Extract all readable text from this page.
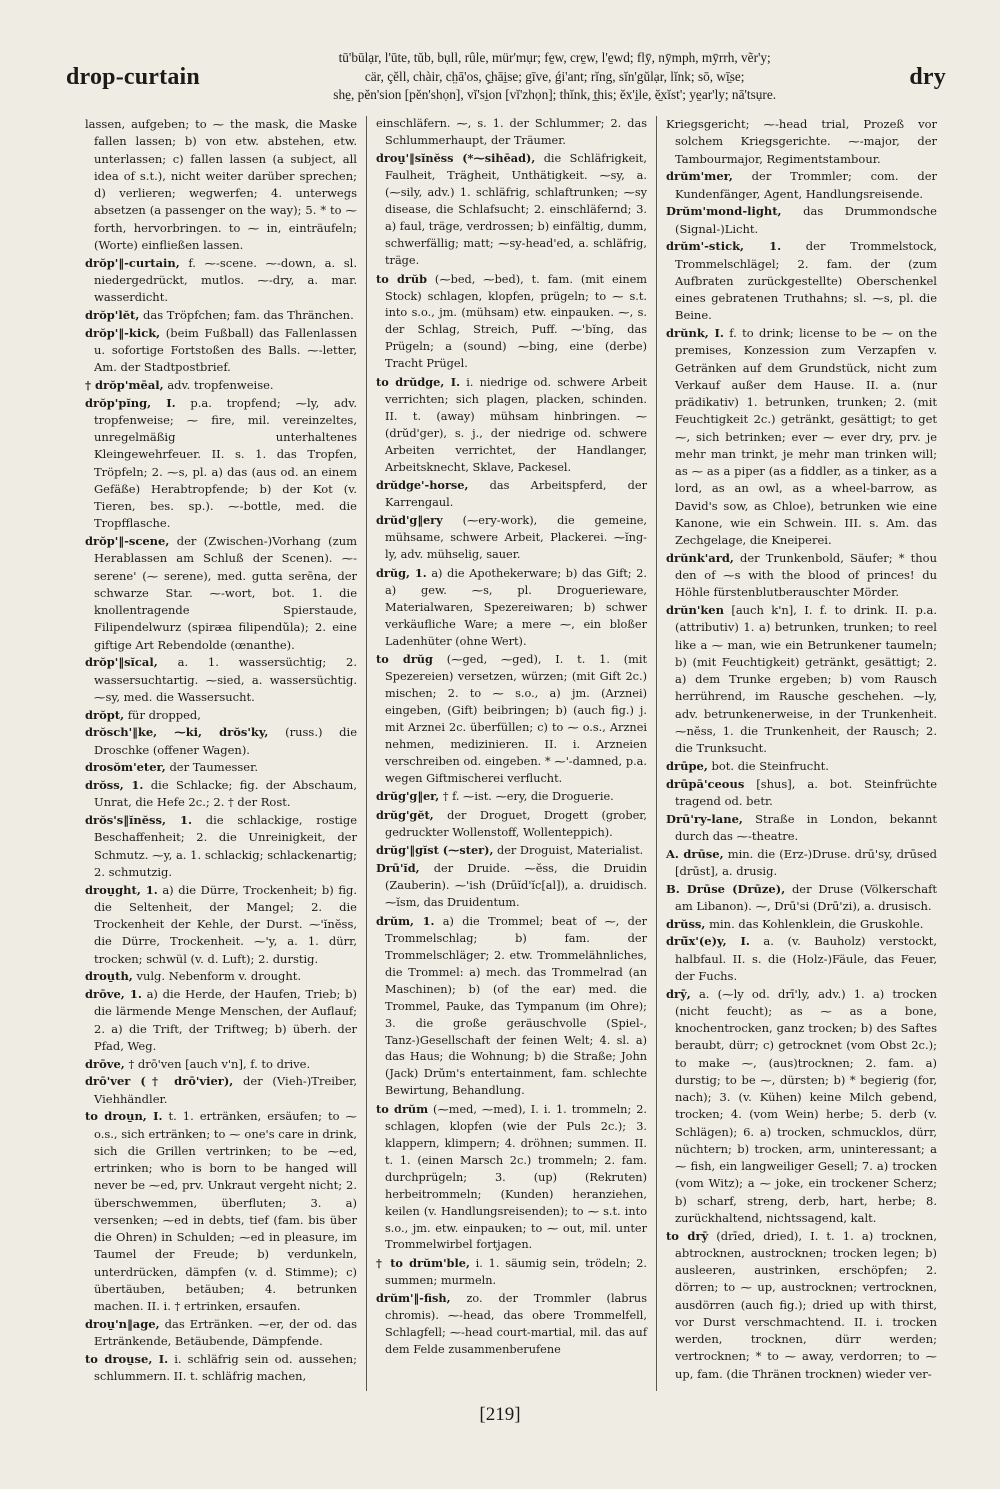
drop-curtain
tū'būlạr, l'ūte, tŭb, bụll, rûle, mür'mụr; fe̱w, cre̱w, l'e̱wd; flȳ, nȳmph, mȳrrh, vẽr'y;
cär, çĕll, chàir, ch̤ā'os, ç̱hāi̱se; gīve, ǵi'ant; rĭng, sĭn'gŭlạr, lĭnk; sō, wī̱se;
she̱, pĕn'sion [pĕn'shọn], vĭ'si̱on [vĭ'zhọn]; thĭnk, t̲his; ĕx'i̱le, ĕ̱xĭst'; ye̱ar'ly; nā'tsụre.
dry

lassen, aufgeben; to ⁓ the mask, die Maske fallen lassen; b) von etw. abstehen, etw. unterlassen; c) fallen lassen (a subject, all idea of s.t.), nicht weiter darüber sprechen; d) verlieren; wegwerfen; 4. unterwegs absetzen (a passenger on the way); 5. * to ⁓ forth, hervorbringen. to ⁓ in, einträufeln; (Worte) einfließen lassen.

drŏp'‖-curtain, f. ⁓-scene. ⁓-down, a. sl. niedergedrückt, mutlos. ⁓-dry, a. mar. wasserdicht.

drŏp'lĕt, das Tröpfchen; fam. das Thränchen.

drŏp'‖-kick, (beim Fußball) das Fallenlassen u. sofortige Fortstoßen des Balls. ⁓-letter, Am. der Stadtpostbrief.

† drŏp'mēal, adv. tropfenweise.

drŏp'pĭng, I. p.a. tropfend; ⁓ly, adv. tropfenweise; ⁓ fire, mil. vereinzeltes, unregelmäßig unterhaltenes Kleingewehrfeuer. II. s. 1. das Tropfen, Tröpfeln; 2. ⁓s, pl. a) das (aus od. an einem Gefäße) Herabtropfende; b) der Kot (v. Tieren, bes. sp.). ⁓-bottle, med. die Tropfflasche.

drŏp'‖-scene, der (Zwischen-)Vorhang (zum Herablassen am Schluß der Scenen). ⁓-serene' (⁓ serene), med. gutta serēna, der schwarze Star. ⁓-wort, bot. 1. die knollentragende Spierstaude, Filipendelwurz (spiræa filipendŭla); 2. eine giftige Art Rebendolde (œnanthe).

drŏp'‖sĭcal, a. 1. wassersüchtig; 2. wassersuchtartig. ⁓sied, a. wassersüchtig. ⁓sy, med. die Wassersucht.

drŏpt, für dropped,

drŏsch'‖ke, ⁓ki, drŏs'ky, (russ.) die Droschke (offener Wagen).

drosŏm'eter, der Taumesser.

drŏss, 1. die Schlacke; fig. der Abschaum, Unrat, die Hefe 2c.; 2. † der Rost.

drŏs's‖ĭnĕss, 1. die schlackige, rostige Beschaffenheit; 2. die Unreinigkeit, der Schmutz. ⁓y, a. 1. schlackig; schlackenartig; 2. schmutzig.

drou̱ght, 1. a) die Dürre, Trockenheit; b) fig. die Seltenheit, der Mangel; 2. die Trockenheit der Kehle, der Durst. ⁓'ĭnĕss, die Dürre, Trockenheit. ⁓'y, a. 1. dürr, trocken; schwül (v. d. Luft); 2. durstig.

drou̱th, vulg. Nebenform v. drought.

drōve, 1. a) die Herde, der Haufen, Trieb; b) die lärmende Menge Menschen, der Auflauf; 2. a) die Trift, der Triftweg; b) überh. der Pfad, Weg.

drōve, † drō'ven [auch v'n], f. to drive.

drō'ver († drō'vier), der (Vieh-)Treiber, Viehhändler.

to drou̱n, I. t. 1. ertränken, ersäufen; to ⁓ o.s., sich ertränken; to ⁓ one's care in drink, sich die Grillen vertrinken; to be ⁓ed, ertrinken; who is born to be hanged will never be ⁓ed, prv. Unkraut vergeht nicht; 2. überschwemmen, überfluten; 3. a) versenken; ⁓ed in debts, tief (fam. bis über die Ohren) in Schulden; ⁓ed in pleasure, im Taumel der Freude; b) verdunkeln, unterdrücken, dämpfen (v. d. Stimme); c) übertäuben, betäuben; 4. betrunken machen. II. i. † ertrinken, ersaufen.

drou̱'n‖age, das Ertränken. ⁓er, der od. das Ertränkende, Betäubende, Dämpfende.

to drou̱se, I. i. schläfrig sein od. aussehen; schlummern. II. t. schläfrig machen,

einschläfern. ⁓, s. 1. der Schlummer; 2. das Schlummerhaupt, der Träumer.

drou̱'‖sĭnĕss (*⁓sihēad), die Schläfrigkeit, Faulheit, Trägheit, Unthätigkeit. ⁓sy, a. (⁓sily, adv.) 1. schläfrig, schlaftrunken; ⁓sy disease, die Schlafsucht; 2. einschläfernd; 3. a) faul, träge, verdrossen; b) einfältig, dumm, schwerfällig; matt; ⁓sy-head'ed, a. schläfrig, träge.

to drŭb (⁓bed, ⁓bed), t. fam. (mit einem Stock) schlagen, klopfen, prügeln; to ⁓ s.t. into s.o., jm. (mühsam) etw. einpauken. ⁓, s. der Schlag, Streich, Puff. ⁓'bĭng, das Prügeln; a (sound) ⁓bing, eine (derbe) Tracht Prügel.

to drŭdge, I. i. niedrige od. schwere Arbeit verrichten; sich plagen, placken, schinden. II. t. (away) mühsam hinbringen. ⁓ (drŭd'ger), s. j., der niedrige od. schwere Arbeiten verrichtet, der Handlanger, Arbeitsknecht, Sklave, Packesel.

drŭdge'-horse, das Arbeitspferd, der Karrengaul.

drŭd'g‖ery (⁓ery-work), die gemeine, mühsame, schwere Arbeit, Plackerei. ⁓ĭng-ly, adv. mühselig, sauer.

drŭg, 1. a) die Apothekerware; b) das Gift; 2. a) gew. ⁓s, pl. Droguerieware, Materialwaren, Spezereiwaren; b) schwer verkäufliche Ware; a mere ⁓, ein bloßer Ladenhüter (ohne Wert).

to drŭg (⁓ged, ⁓ged), I. t. 1. (mit Spezereien) versetzen, würzen; (mit Gift 2c.) mischen; 2. to ⁓ s.o., a) jm. (Arznei) eingeben, (Gift) beibringen; b) (auch fig.) j. mit Arznei 2c. überfüllen; c) to ⁓ o.s., Arznei nehmen, medizinieren. II. i. Arzneien verschreiben od. eingeben. * ⁓'-damned, p.a. wegen Giftmischerei verflucht.

drŭg'g‖er, † f. ⁓ist. ⁓ery, die Droguerie.

drŭg'gĕt, der Droguet, Drogett (grober, gedruckter Wollenstoff, Wollenteppich).

drŭg'‖gĭst (⁓ster), der Droguist, Materialist.

Drū'ĭd, der Druide. ⁓ĕss, die Druidin (Zauberin). ⁓'ish (Drūĭd'ĭc[al]), a. druidisch. ⁓ĭsm, das Druidentum.

drŭm, 1. a) die Trommel; beat of ⁓, der Trommelschlag; b) fam. der Trommelschläger; 2. etw. Trommelähnliches, die Trommel: a) mech. das Trommelrad (an Maschinen); b) (of the ear) med. die Trommel, Pauke, das Tympanum (im Ohre); 3. die große geräuschvolle (Spiel-, Tanz-)Gesellschaft der feinen Welt; 4. sl. a) das Haus; die Wohnung; b) die Straße; John (Jack) Drŭm's entertainment, fam. schlechte Bewirtung, Behandlung.

to drŭm (⁓med, ⁓med), I. i. 1. trommeln; 2. schlagen, klopfen (wie der Puls 2c.); 3. klappern, klimpern; 4. dröhnen; summen. II. t. 1. (einen Marsch 2c.) trommeln; 2. fam. durchprügeln; 3. (up) (Rekruten) herbeitrommeln; (Kunden) heranziehen, keilen (v. Handlungsreisenden); to ⁓ s.t. into s.o., jm. etw. einpauken; to ⁓ out, mil. unter Trommelwirbel fortjagen.

† to drŭm'ble, i. 1. säumig sein, trödeln; 2. summen; murmeln.

drŭm'‖-fish, zo. der Trommler (labrus chromis). ⁓-head, das obere Trommelfell, Schlagfell; ⁓-head court-martial, mil. das auf dem Felde zusammenberufene

Kriegsgericht; ⁓-head trial, Prozeß vor solchem Kriegsgerichte. ⁓-major, der Tambourmajor, Regimentstambour.

drŭm'mer, der Trommler; com. der Kundenfänger, Agent, Handlungsreisende.

Drŭm'mond-light, das Drummondsche (Signal-)Licht.

drŭm'-stick, 1. der Trommelstock, Trommelschlägel; 2. fam. der (zum Aufbraten zurückgestellte) Oberschenkel eines gebratenen Truthahns; sl. ⁓s, pl. die Beine.

drŭnk, I. f. to drink; license to be ⁓ on the premises, Konzession zum Verzapfen v. Getränken auf dem Grundstück, nicht zum Verkauf außer dem Hause. II. a. (nur prädikativ) 1. betrunken, trunken; 2. (mit Feuchtigkeit 2c.) getränkt, gesättigt; to get ⁓, sich betrinken; ever ⁓ ever dry, prv. je mehr man trinkt, je mehr man trinken will; as ⁓ as a piper (as a fiddler, as a tinker, as a lord, as an owl, as a wheel-barrow, as David's sow, as Chloe), betrunken wie eine Kanone, wie ein Schwein. III. s. Am. das Zechgelage, die Kneiperei.

drŭnk'ard, der Trunkenbold, Säufer; * thou den of ⁓s with the blood of princes! du Höhle fürstenblutberauschter Mörder.

drŭn'ken [auch k'n], I. f. to drink. II. p.a. (attributiv) 1. a) betrunken, trunken; to reel like a ⁓ man, wie ein Betrunkener taumeln; b) (mit Feuchtigkeit) getränkt, gesättigt; 2. a) dem Trunke ergeben; b) vom Rausch herrührend, im Rausche geschehen. ⁓ly, adv. betrunkenerweise, in der Trunkenheit. ⁓nĕss, 1. die Trunkenheit, der Rausch; 2. die Trunksucht.

drūpe, bot. die Steinfrucht.

drūpā'ceous [shus], a. bot. Steinfrüchte tragend od. betr.

Drū'ry-lane, Straße in London, bekannt durch das ⁓-theatre.

A. drūse, min. die (Erz-)Druse. drū'sy, drūsed [drūst], a. drusig.

B. Drūse (Drūze), der Druse (Völkerschaft am Libanon). ⁓, Drū'si (Drū'zi), a. drusisch.

drŭss, min. das Kohlenklein, die Gruskohle.

drū̆x'(e)y, I. a. (v. Bauholz) verstockt, halbfaul. II. s. die (Holz-)Fäule, das Feuer, der Fuchs.

drȳ, a. (⁓ly od. drī'ly, adv.) 1. a) trocken (nicht feucht); as ⁓ as a bone, knochentrocken, ganz trocken; b) des Saftes beraubt, dürr; c) getrocknet (vom Obst 2c.); to make ⁓, (aus)trocknen; 2. fam. a) durstig; to be ⁓, dürsten; b) * begierig (for, nach); 3. (v. Kühen) keine Milch gebend, trocken; 4. (vom Wein) herbe; 5. derb (v. Schlägen); 6. a) trocken, schmucklos, dürr, nüchtern; b) trocken, arm, uninteressant; a ⁓ fish, ein langweiliger Gesell; 7. a) trocken (vom Witz); a ⁓ joke, ein trockener Scherz; b) scharf, streng, derb, hart, herbe; 8. zurückhaltend, nichtssagend, kalt.

to drȳ (drīed, dried), I. t. 1. a) trocknen, abtrocknen, austrocknen; trocken legen; b) ausleeren, austrinken, erschöpfen; 2. dörren; to ⁓ up, austrocknen; vertrocknen, ausdörren (auch fig.); dried up with thirst, vor Durst verschmachtend. II. i. trocken werden, trocknen, dürr werden; vertrocknen; * to ⁓ away, verdorren; to ⁓ up, fam. (die Thränen trocknen) wieder ver-

[219]
